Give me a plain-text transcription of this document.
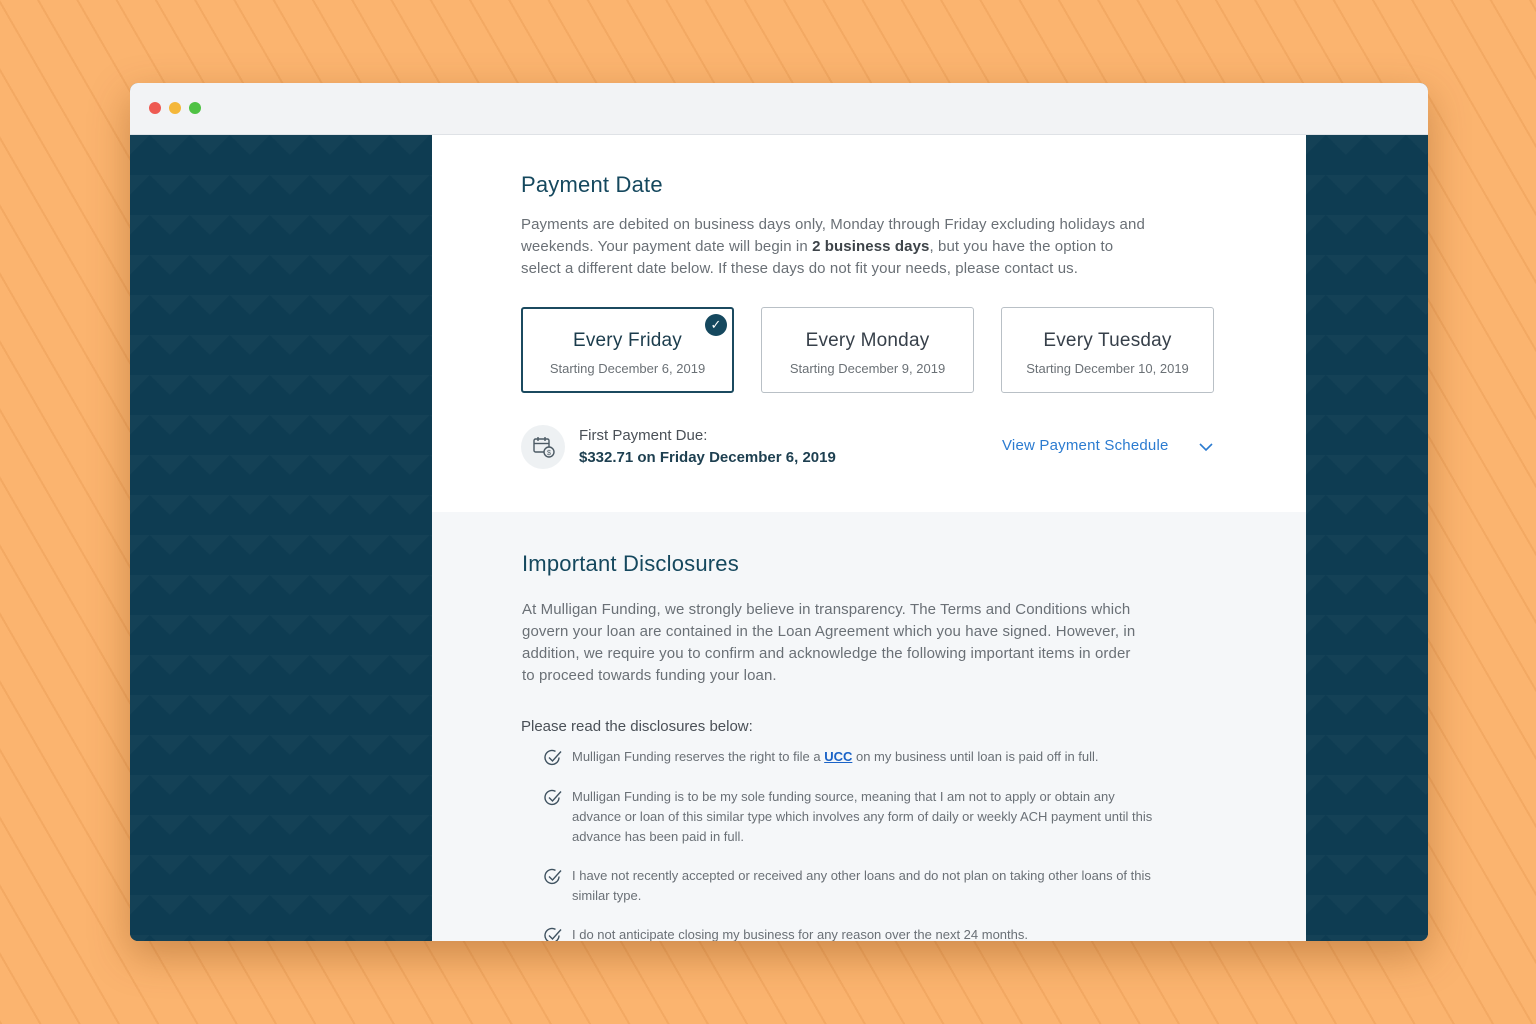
Payment Date

Payments are debited on business days only, Monday through Friday excluding holidays and
weekends. Your payment date will begin in 2 business days, but you have the option to
select a different date below. If these days do not fit your needs, please contact us.

Every Friday
Starting December 6, 2019
✓
Every Monday
Starting December 9, 2019
Every Tuesday
Starting December 10, 2019
$
First Payment Due:
$332.71 on Friday December 6, 2019
View Payment Schedule
Important Disclosures

At Mulligan Funding, we strongly believe in transparency. The Terms and Conditions which
govern your loan are contained in the Loan Agreement which you have signed. However, in
addition, we require you to confirm and acknowledge the following important items in order
to proceed towards funding your loan.

Please read the disclosures below:
Mulligan Funding reserves the right to file a UCC on my business until loan is paid off in full.
Mulligan Funding is to be my sole funding source, meaning that I am not to apply or obtain any
advance or loan of this similar type which involves any form of daily or weekly ACH payment until this
advance has been paid in full.
I have not recently accepted or received any other loans and do not plan on taking other loans of this
similar type.
I do not anticipate closing my business for any reason over the next 24 months.
